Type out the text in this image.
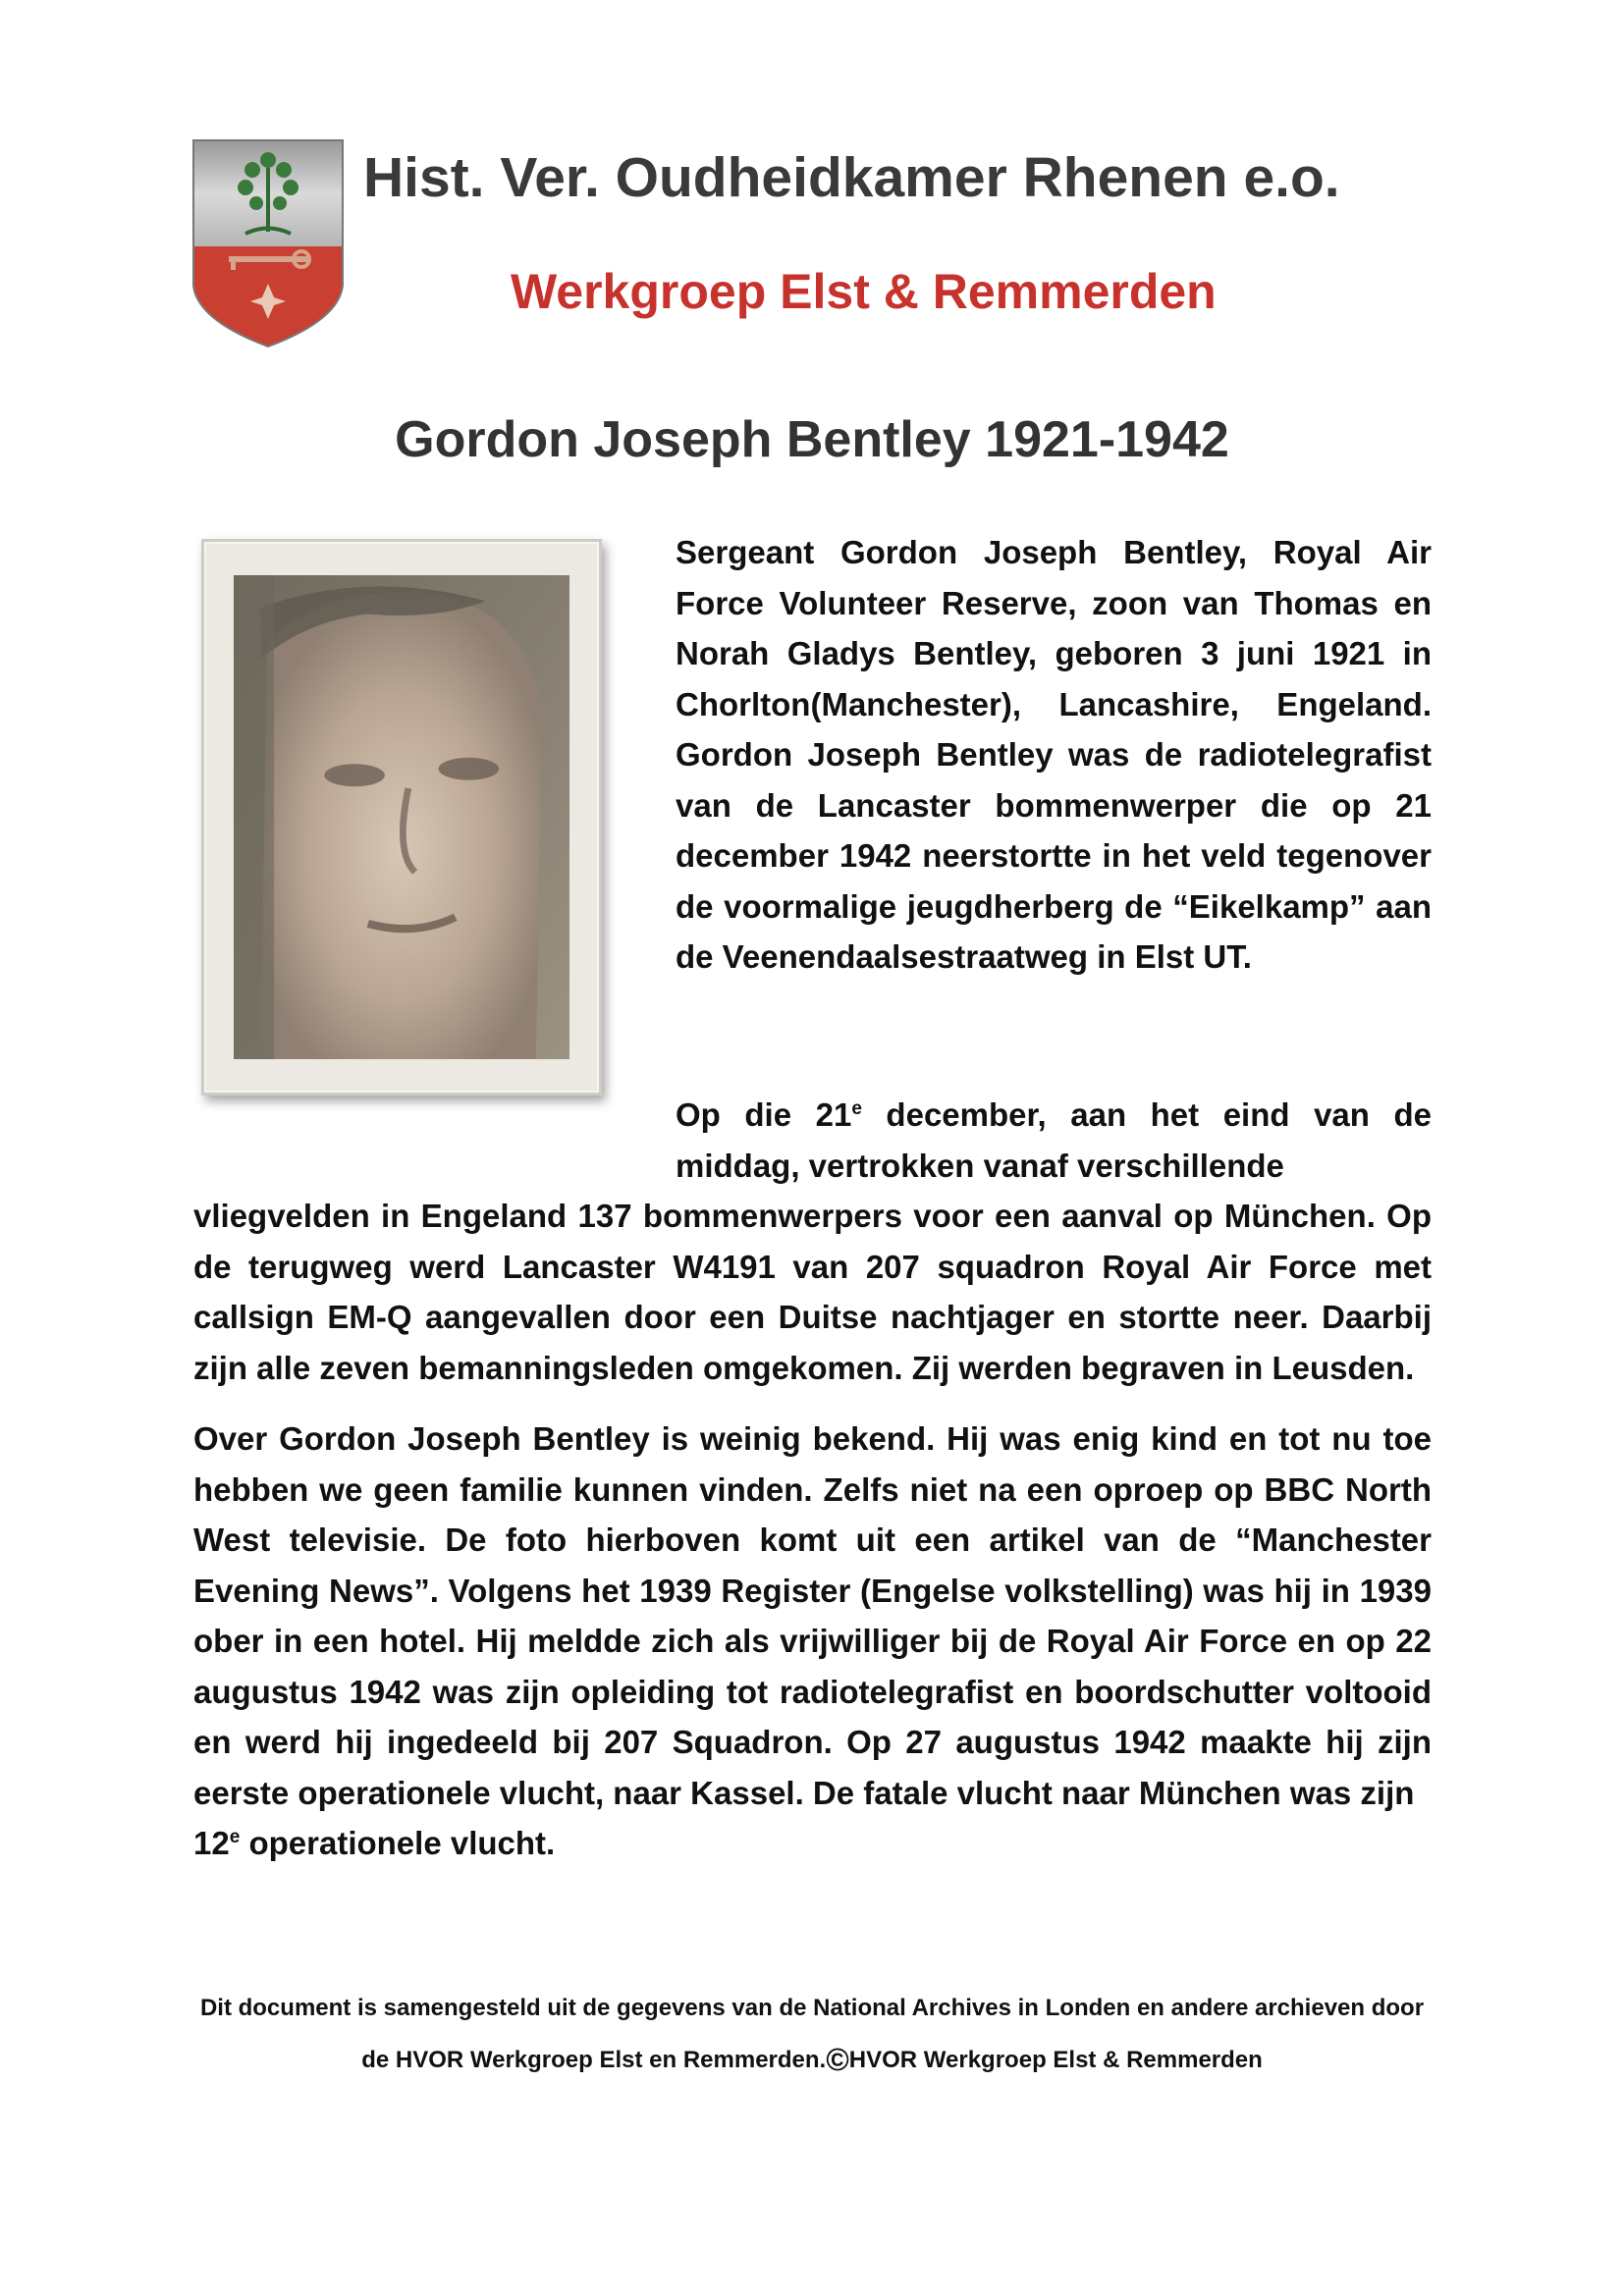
Hist. Ver. Oudheidkamer Rhenen e.o.
Werkgroep Elst & Remmerden
Gordon Joseph Bentley 1921-1942

Sergeant Gordon Joseph Bentley, Royal Air Force Volunteer Reserve, zoon van Thomas en Norah Gladys Bentley, geboren 3 juni 1921 in Chorlton(Manchester), Lancashire, Engeland. Gordon Joseph Bentley was de radiotelegrafist van de Lancaster bommenwerper die op 21 december 1942 neerstortte in het veld tegenover de voormalige jeugdherberg de “Eikelkamp” aan de Veenendaalsestraatweg in Elst UT.

Op die 21e december, aan het eind van de middag, vertrokken vanaf verschillende

vliegvelden in Engeland 137 bommenwerpers voor een aanval op München. Op de terugweg werd Lancaster W4191 van 207 squadron Royal Air Force met callsign EM-Q aangevallen door een Duitse nachtjager en stortte neer. Daarbij zijn alle zeven bemanningsleden omgekomen. Zij werden begraven in Leusden.

Over Gordon Joseph Bentley is weinig bekend. Hij was enig kind en tot nu toe hebben we geen familie kunnen vinden. Zelfs niet na een oproep op BBC North West televisie. De foto hierboven komt uit een artikel van de “Manchester Evening News”. Volgens het 1939 Register (Engelse volkstelling) was hij in 1939 ober in een hotel. Hij meldde zich als vrijwilliger bij de Royal Air Force en op 22 augustus 1942 was zijn opleiding tot radiotelegrafist en boordschutter voltooid en werd hij ingedeeld bij 207 Squadron. Op 27 augustus 1942 maakte hij zijn eerste operationele vlucht, naar Kassel. De fatale vlucht naar München was zijn

12e operationele vlucht.

Dit document is samengesteld uit de gegevens van de National Archives in Londen en andere archieven door
de HVOR Werkgroep Elst en Remmerden.©HVOR Werkgroep Elst & Remmerden
